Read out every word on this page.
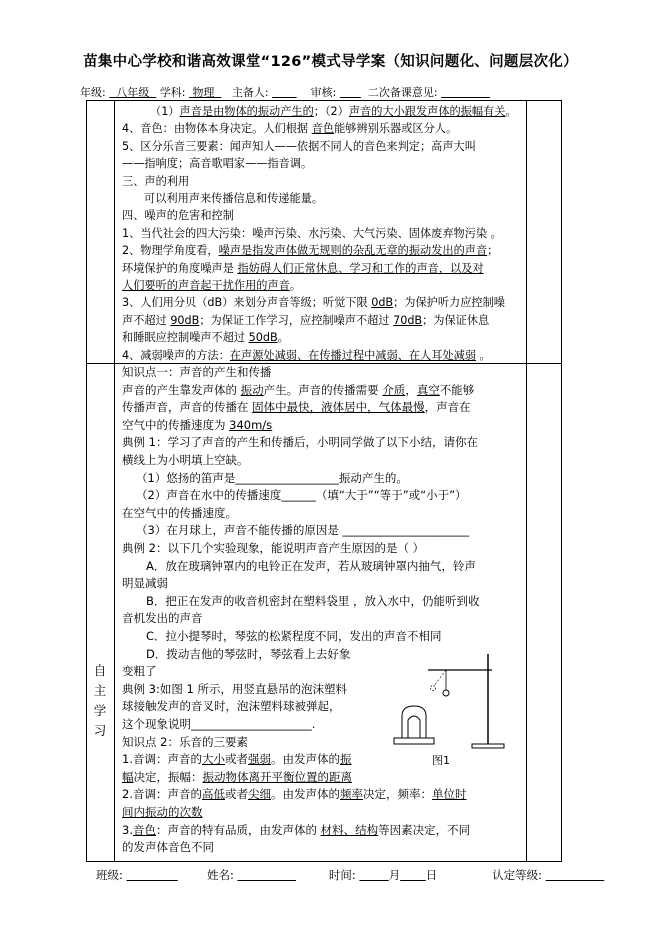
苗集中心学校和谐高效课堂“126”模式导学案（知识问题化、问题层次化）
年级: 八年级 学科: 物理 主备人:	审核:	二次备课意见:
自
主
学
习
（1）声音是由物体的振动产生的；（2）声音的大小跟发声体的振幅有关。
4、音色：由物体本身决定。人们根据 音色能够辨别乐器或区分人。
5、区分乐音三要素：闻声知人——依据不同人的音色来判定；高声大叫
——指响度；高音歌唱家——指音调。
三、声的利用
可以利用声来传播信息和传递能量。
四、噪声的危害和控制
1、当代社会的四大污染：噪声污染、水污染、大气污染、固体废弃物污染 。
2、物理学角度看，噪声是指发声体做无规则的杂乱无章的振动发出的声音；
环境保护的角度噪声是 指妨碍人们正常休息、学习和工作的声音，以及对
人们要听的声音起干扰作用的声音。
3、人们用分贝（dB）来划分声音等级；听觉下限 0dB；为保护听力应控制噪
声不超过 90dB；为保证工作学习，应控制噪声不超过 70dB；为保证休息
和睡眠应控制噪声不超过 50dB。
4、减弱噪声的方法：在声源处减弱、在传播过程中减弱、在人耳处减弱 。
知识点一：声音的产生和传播
声音的产生靠发声体的 振动产生。声音的传播需要 介质，真空不能够
传播声音，声音的传播在 固体中最快，液体居中，气体最慢，声音在
空气中的传播速度为 340m/s
典例 1：学习了声音的产生和传播后，小明同学做了以下小结，请你在
横线上为小明填上空缺。
（1）悠扬的笛声是__________________振动产生的。
（2）声音在水中的传播速度______（填“大于”“等于”或“小于”）
在空气中的传播速度。
（3）在月球上，声音不能传播的原因是 ______________________
典例 2：以下几个实验现象，能说明声音产生原因的是（ ）
A．放在玻璃钟罩内的电铃正在发声，若从玻璃钟罩内抽气，铃声
明显减弱
B．把正在发声的收音机密封在塑料袋里 ，放入水中，仍能听到收
音机发出的声音
C．拉小提琴时，琴弦的松紧程度不同，发出的声音不相同
D．拨动吉他的琴弦时，琴弦看上去好象
变粗了
典例 3:如图 1 所示，用竖直悬吊的泡沫塑料
球接触发声的音叉时，泡沫塑料球被弹起，
这个现象说明_____________________.
知识点 2：乐音的三要素
1.音调：声音的大小或者强弱。由发声体的振
幅决定，振幅：振动物体离开平衡位置的距离
2.音调：声音的高低或者尖细。由发声体的频率决定，频率：单位时
间内振动的次数
3.音色：声音的特有品质，由发声体的 材料、结构等因素决定，不同
的发声体音色不同
图1
班级:	姓名:	时间:	月 日	认定等级:
